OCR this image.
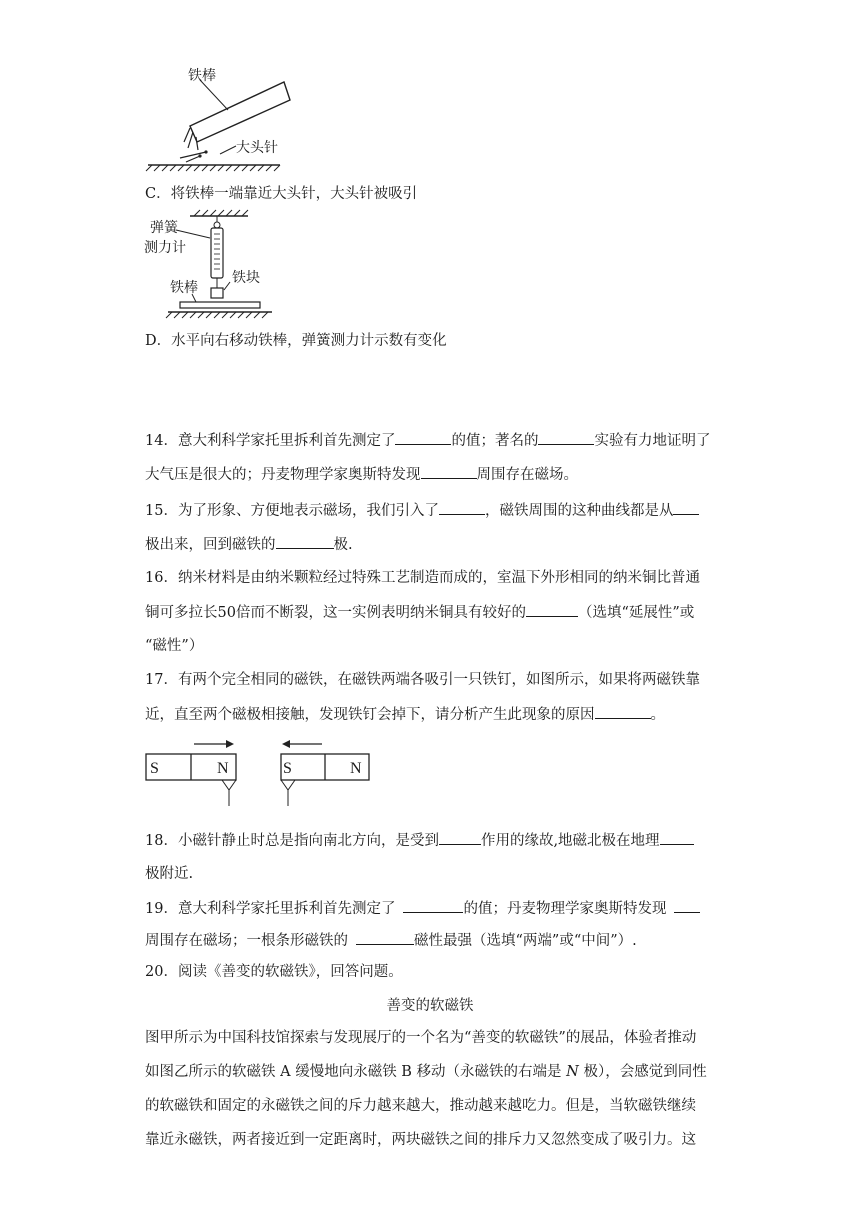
铁棒
大头针
C．将铁棒一端靠近大头针，大头针被吸引
弹簧
测力计
铁块
铁棒
D．水平向右移动铁棒，弹簧测力计示数有变化
14．意大利科学家托里拆利首先测定了	的值；著名的	实验有力地证明了
大气压是很大的；丹麦物理学家奥斯特发现	周围存在磁场。
15．为了形象、方便地表示磁场，我们引入了	，磁铁周围的这种曲线都是从
极出来，回到磁铁的	极.
16．纳米材料是由纳米颗粒经过特殊工艺制造而成的，室温下外形相同的纳米铜比普通
铜可多拉长50倍而不断裂，这一实例表明纳米铜具有较好的	（选填“延展性”或
“磁性”）
17．有两个完全相同的磁铁，在磁铁两端各吸引一只铁钉，如图所示，如果将两磁铁靠
近，直至两个磁极相接触，发现铁钉会掉下，请分析产生此现象的原因	。
S	N	S	N
18．小磁针静止时总是指向南北方向，是受到	作用的缘故,地磁北极在地理
极附近.
19．意大利科学家托里拆利首先测定了	的值；丹麦物理学家奥斯特发现
周围存在磁场；一根条形磁铁的	磁性最强（选填“两端”或“中间”）.
20．阅读《善变的软磁铁》，回答问题。
善变的软磁铁
图甲所示为中国科技馆探索与发现展厅的一个名为“善变的软磁铁”的展品，体验者推动
如图乙所示的软磁铁 A 缓慢地向永磁铁 B 移动（永磁铁的右端是 N 极），会感觉到同性
的软磁铁和固定的永磁铁之间的斥力越来越大，推动越来越吃力。但是，当软磁铁继续
靠近永磁铁，两者接近到一定距离时，两块磁铁之间的排斥力又忽然变成了吸引力。这
